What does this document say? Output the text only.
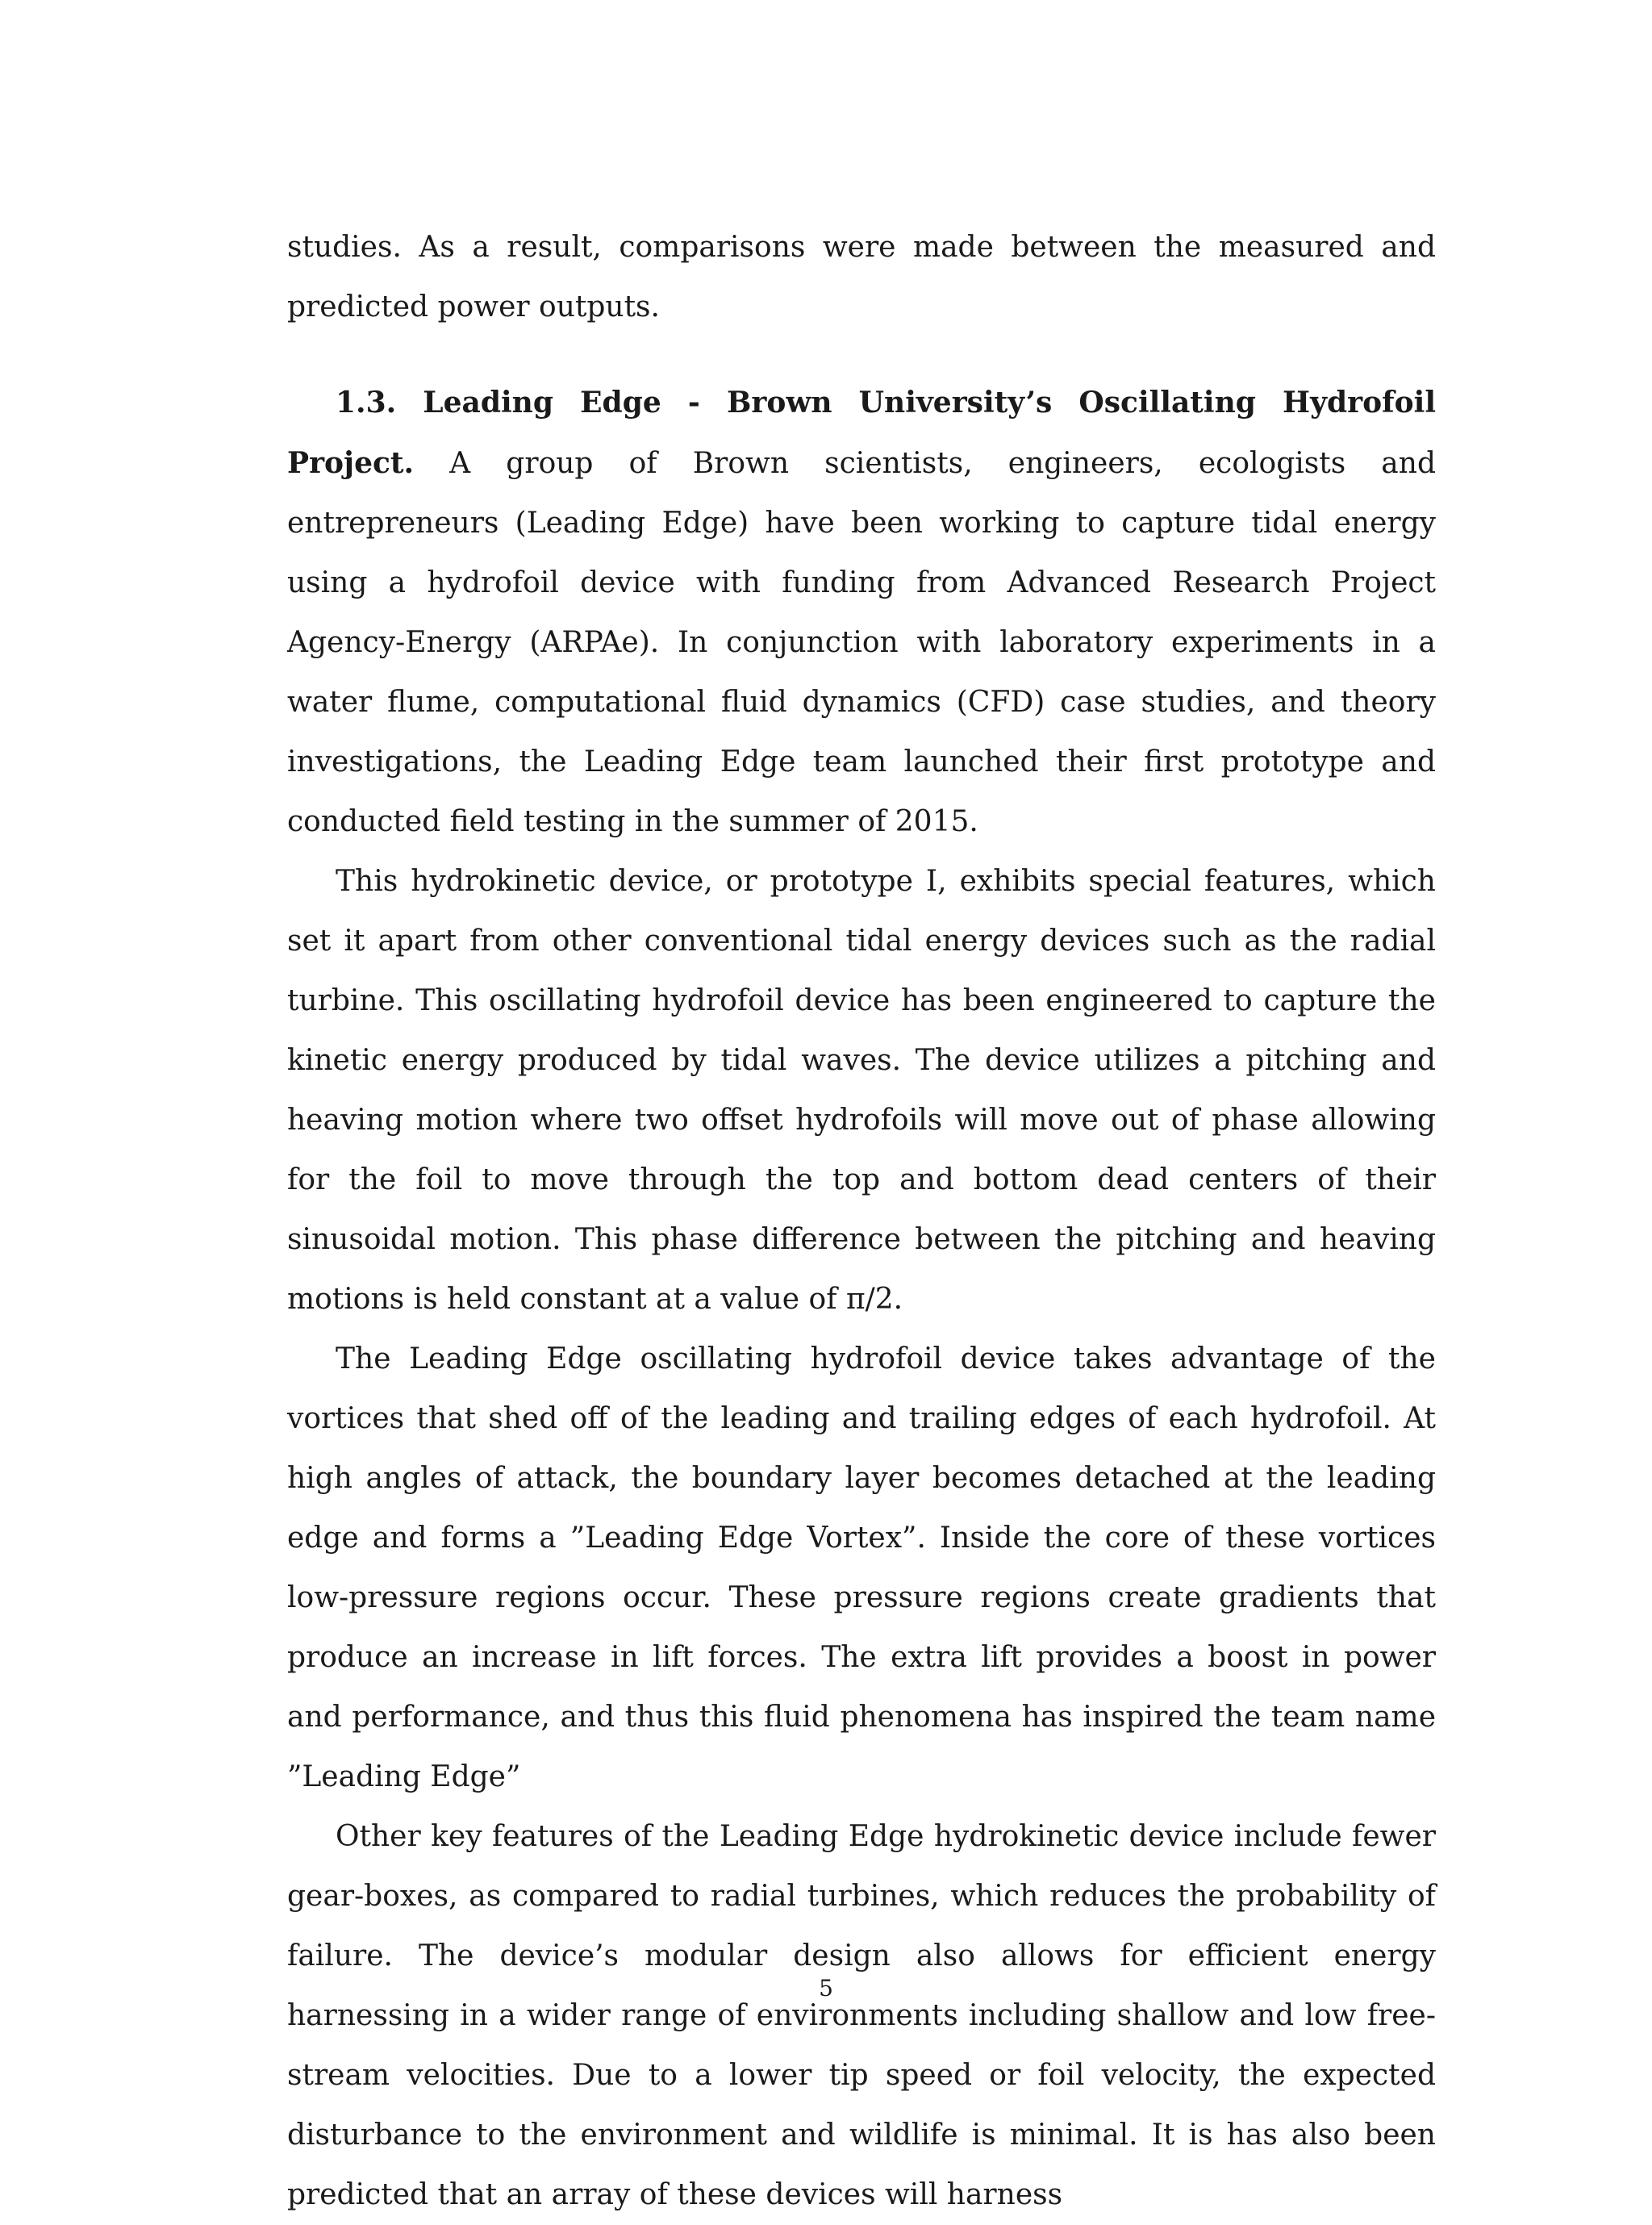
studies. As a result, comparisons were made between the measured and predicted power outputs.

1.3. Leading Edge - Brown University’s Oscillating Hydrofoil Project. A group of Brown scientists, engineers, ecologists and entrepreneurs (Leading Edge) have been working to capture tidal energy using a hydrofoil device with funding from Advanced Research Project Agency-Energy (ARPAe). In conjunction with laboratory experiments in a water flume, computational fluid dynamics (CFD) case studies, and theory investigations, the Leading Edge team launched their first prototype and conducted field testing in the summer of 2015.

This hydrokinetic device, or prototype I, exhibits special features, which set it apart from other conventional tidal energy devices such as the radial turbine. This oscillating hydrofoil device has been engineered to capture the kinetic energy produced by tidal waves. The device utilizes a pitching and heaving motion where two offset hydrofoils will move out of phase allowing for the foil to move through the top and bottom dead centers of their sinusoidal motion. This phase difference between the pitching and heaving motions is held constant at a value of π/2.

The Leading Edge oscillating hydrofoil device takes advantage of the vortices that shed off of the leading and trailing edges of each hydrofoil. At high angles of attack, the boundary layer becomes detached at the leading edge and forms a ”Leading Edge Vortex”. Inside the core of these vortices low-pressure regions occur. These pressure regions create gradients that produce an increase in lift forces. The extra lift provides a boost in power and performance, and thus this fluid phenomena has inspired the team name ”Leading Edge”

Other key features of the Leading Edge hydrokinetic device include fewer gear-boxes, as compared to radial turbines, which reduces the probability of failure. The device’s modular design also allows for efficient energy harnessing in a wider range of environments including shallow and low free-stream velocities. Due to a lower tip speed or foil velocity, the expected disturbance to the environment and wildlife is minimal. It is has also been predicted that an array of these devices will harness

5
